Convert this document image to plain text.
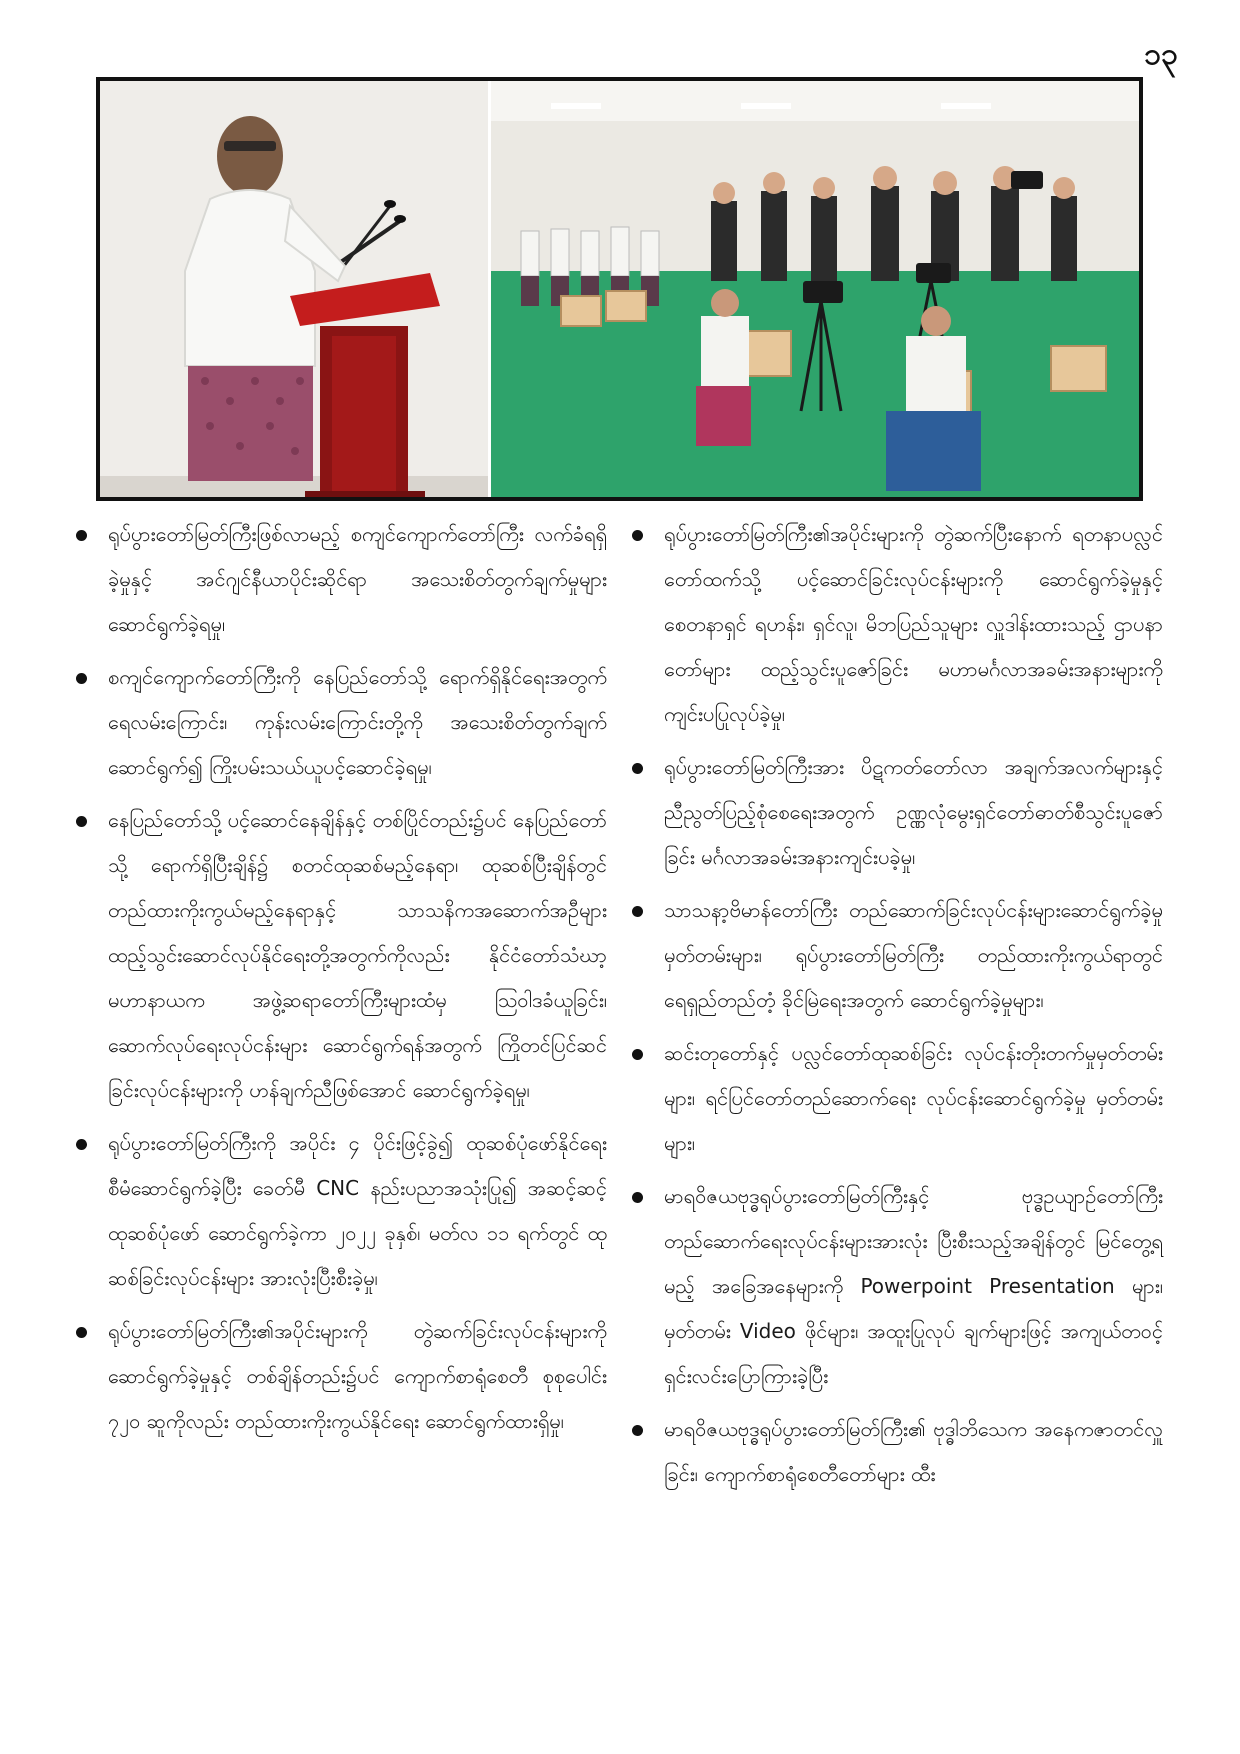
၁၃

ရုပ်ပွားတော်မြတ်ကြီးဖြစ်လာမည့် စကျင်ကျောက်တော်ကြီး လက်ခံရရှိခဲ့မှုနှင့် အင်ဂျင်နီယာပိုင်းဆိုင်ရာ အသေးစိတ်တွက်ချက်မှုများ ဆောင်ရွက်ခဲ့ရမှု၊

စကျင်ကျောက်တော်ကြီးကို နေပြည်တော်သို့ ရောက်ရှိနိုင်ရေးအတွက် ရေလမ်းကြောင်း၊ ကုန်းလမ်းကြောင်းတို့ကို အသေးစိတ်တွက်ချက်ဆောင်ရွက်၍ ကြိုးပမ်းသယ်ယူပင့်ဆောင်ခဲ့ရမှု၊

နေပြည်တော်သို့ ပင့်ဆောင်နေချိန်နှင့် တစ်ပြိုင်တည်း၌ပင် နေပြည်တော်သို့ ရောက်ရှိပြီးချိန်၌ စတင်ထုဆစ်မည့်နေရာ၊ ထုဆစ်ပြီးချိန်တွင် တည်ထားကိုးကွယ်မည့်နေရာနှင့် သာသနိကအဆောက်အဦများ ထည့်သွင်းဆောင်လုပ်နိုင်ရေးတို့အတွက်ကိုလည်း နိုင်ငံတော်သံဃာ့မဟာနာယက အဖွဲ့ဆရာတော်ကြီးများထံမှ ဩဝါဒခံယူခြင်း၊ ဆောက်လုပ်ရေးလုပ်ငန်းများ ဆောင်ရွက်ရန်အတွက် ကြိုတင်ပြင်ဆင်ခြင်းလုပ်ငန်းများကို ဟန်ချက်ညီဖြစ်အောင် ဆောင်ရွက်ခဲ့ရမှု၊

ရုပ်ပွားတော်မြတ်ကြီးကို အပိုင်း ၄ ပိုင်းဖြင့်ခွဲ၍ ထုဆစ်ပုံဖော်နိုင်ရေး စီမံဆောင်ရွက်ခဲ့ပြီး ခေတ်မီ CNC နည်းပညာအသုံးပြု၍ အဆင့်ဆင့် ထုဆစ်ပုံဖော် ဆောင်ရွက်ခဲ့ကာ ၂၀၂၂ ခုနှစ်၊ မတ်လ ၁၁ ရက်တွင် ထုဆစ်ခြင်းလုပ်ငန်းများ အားလုံးပြီးစီးခဲ့မှု၊

ရုပ်ပွားတော်မြတ်ကြီး၏အပိုင်းများကို တွဲဆက်ခြင်းလုပ်ငန်းများကို ဆောင်ရွက်ခဲ့မှုနှင့် တစ်ချိန်တည်း၌ပင် ကျောက်စာရုံစေတီ စုစုပေါင်း ၇၂၀ ဆူကိုလည်း တည်ထားကိုးကွယ်နိုင်ရေး ဆောင်ရွက်ထားရှိမှု၊

ရုပ်ပွားတော်မြတ်ကြီး၏အပိုင်းများကို တွဲဆက်ပြီးနောက် ရတနာပလ္လင်တော်ထက်သို့ ပင့်ဆောင်ခြင်းလုပ်ငန်းများကို ဆောင်ရွက်ခဲ့မှုနှင့် စေတနာရှင် ရဟန်း၊ ရှင်လူ၊ မိဘပြည်သူများ လှူဒါန်းထားသည့် ဌာပနာတော်များ ထည့်သွင်းပူဇော်ခြင်း မဟာမင်္ဂလာအခမ်းအနားများကို ကျင်းပပြုလုပ်ခဲ့မှု၊

ရုပ်ပွားတော်မြတ်ကြီးအား ပိဋကတ်တော်လာ အချက်အလက်များနှင့် ညီညွတ်ပြည့်စုံစေရေးအတွက် ဥဏ္ဏလုံမွေးရှင်တော်ဓာတ်စီသွင်းပူဇော်ခြင်း မင်္ဂလာအခမ်းအနားကျင်းပခဲ့မှု၊

သာသနာ့ဗိမာန်တော်ကြီး တည်ဆောက်ခြင်းလုပ်ငန်းများဆောင်ရွက်ခဲ့မှု မှတ်တမ်းများ၊ ရုပ်ပွားတော်မြတ်ကြီး တည်ထားကိုးကွယ်ရာတွင် ရေရှည်တည်တံ့ ခိုင်မြဲရေးအတွက် ဆောင်ရွက်ခဲ့မှုများ၊

ဆင်းတုတော်နှင့် ပလ္လင်တော်ထုဆစ်ခြင်း လုပ်ငန်းတိုးတက်မှုမှတ်တမ်းများ၊ ရင်ပြင်တော်တည်ဆောက်ရေး လုပ်ငန်းဆောင်ရွက်ခဲ့မှု မှတ်တမ်းများ၊

မာရဝိဇယဗုဒ္ဓရုပ်ပွားတော်မြတ်ကြီးနှင့် ဗုဒ္ဓဥယျာဉ်တော်ကြီး တည်ဆောက်ရေးလုပ်ငန်းများအားလုံး ပြီးစီးသည့်အချိန်တွင် မြင်တွေ့ရမည့် အခြေအနေများကို Powerpoint Presentation များ၊ မှတ်တမ်း Video ဖိုင်များ၊ အထူးပြုလုပ် ချက်များဖြင့် အကျယ်တဝင့် ရှင်းလင်းပြောကြားခဲ့ပြီး

မာရဝိဇယဗုဒ္ဓရုပ်ပွားတော်မြတ်ကြီး၏ ဗုဒ္ဓါဘိသေက အနေကဇာတင်လှူခြင်း၊ ကျောက်စာရုံစေတီတော်များ ထီး
